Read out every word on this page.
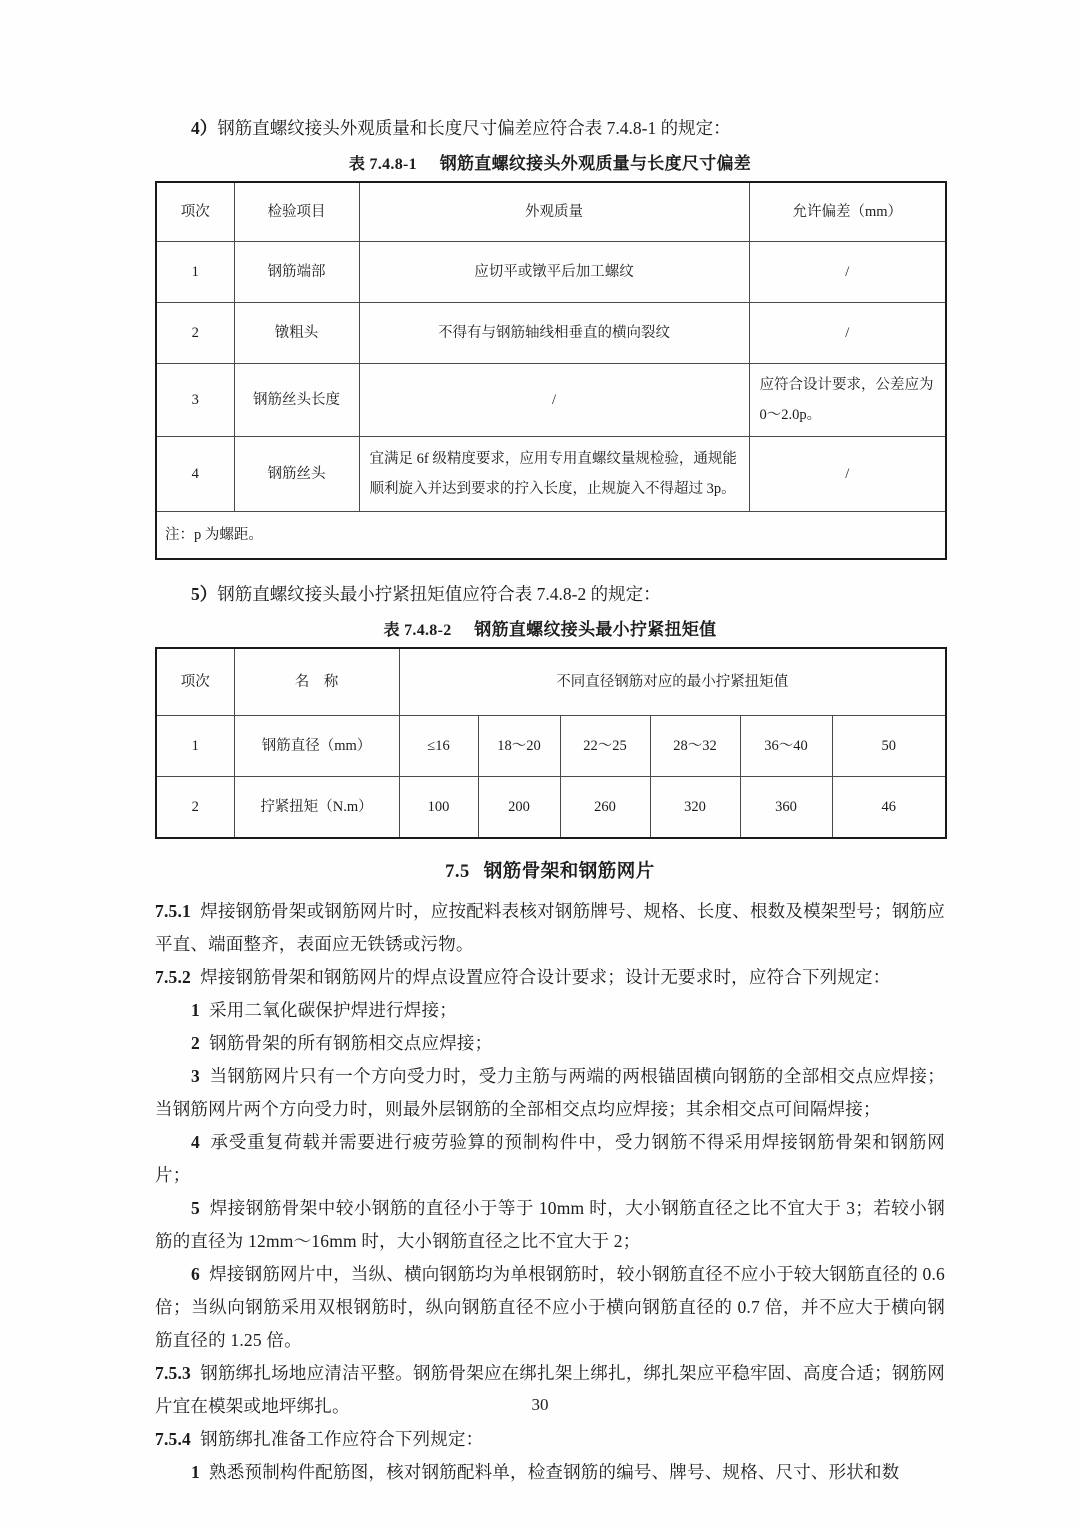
4）钢筋直螺纹接头外观质量和长度尺寸偏差应符合表 7.4.8-1 的规定：

表 7.4.8-1 钢筋直螺纹接头外观质量与长度尺寸偏差
项次	检验项目	外观质量	允许偏差（mm）
1	钢筋端部	应切平或镦平后加工螺纹	/
2	镦粗头	不得有与钢筋轴线相垂直的横向裂纹	/
3	钢筋丝头长度	/	应符合设计要求，公差应为 0～2.0p。
4	钢筋丝头	宜满足 6f 级精度要求，应用专用直螺纹量规检验，通规能顺利旋入并达到要求的拧入长度，止规旋入不得超过 3p。	/
注：p 为螺距。			

5）钢筋直螺纹接头最小拧紧扭矩值应符合表 7.4.8-2 的规定：

表 7.4.8-2 钢筋直螺纹接头最小拧紧扭矩值
项次	名　称	不同直径钢筋对应的最小拧紧扭矩值					
1	钢筋直径（mm）	≤16	18～20	22～25	28～32	36～40	50
2	拧紧扭矩（N.m）	100	200	260	320	360	46
7.5 钢筋骨架和钢筋网片

7.5.1 焊接钢筋骨架或钢筋网片时，应按配料表核对钢筋牌号、规格、长度、根数及模架型号；钢筋应平直、端面整齐，表面应无铁锈或污物。

7.5.2 焊接钢筋骨架和钢筋网片的焊点设置应符合设计要求；设计无要求时，应符合下列规定：

1 采用二氧化碳保护焊进行焊接；

2 钢筋骨架的所有钢筋相交点应焊接；

3 当钢筋网片只有一个方向受力时，受力主筋与两端的两根锚固横向钢筋的全部相交点应焊接；当钢筋网片两个方向受力时，则最外层钢筋的全部相交点均应焊接；其余相交点可间隔焊接；

4 承受重复荷载并需要进行疲劳验算的预制构件中，受力钢筋不得采用焊接钢筋骨架和钢筋网片；

5 焊接钢筋骨架中较小钢筋的直径小于等于 10mm 时，大小钢筋直径之比不宜大于 3；若较小钢筋的直径为 12mm～16mm 时，大小钢筋直径之比不宜大于 2；

6 焊接钢筋网片中，当纵、横向钢筋均为单根钢筋时，较小钢筋直径不应小于较大钢筋直径的 0.6 倍；当纵向钢筋采用双根钢筋时，纵向钢筋直径不应小于横向钢筋直径的 0.7 倍，并不应大于横向钢筋直径的 1.25 倍。

7.5.3 钢筋绑扎场地应清洁平整。钢筋骨架应在绑扎架上绑扎，绑扎架应平稳牢固、高度合适；钢筋网片宜在模架或地坪绑扎。

7.5.4 钢筋绑扎准备工作应符合下列规定：

1 熟悉预制构件配筋图，核对钢筋配料单，检查钢筋的编号、牌号、规格、尺寸、形状和数

30
